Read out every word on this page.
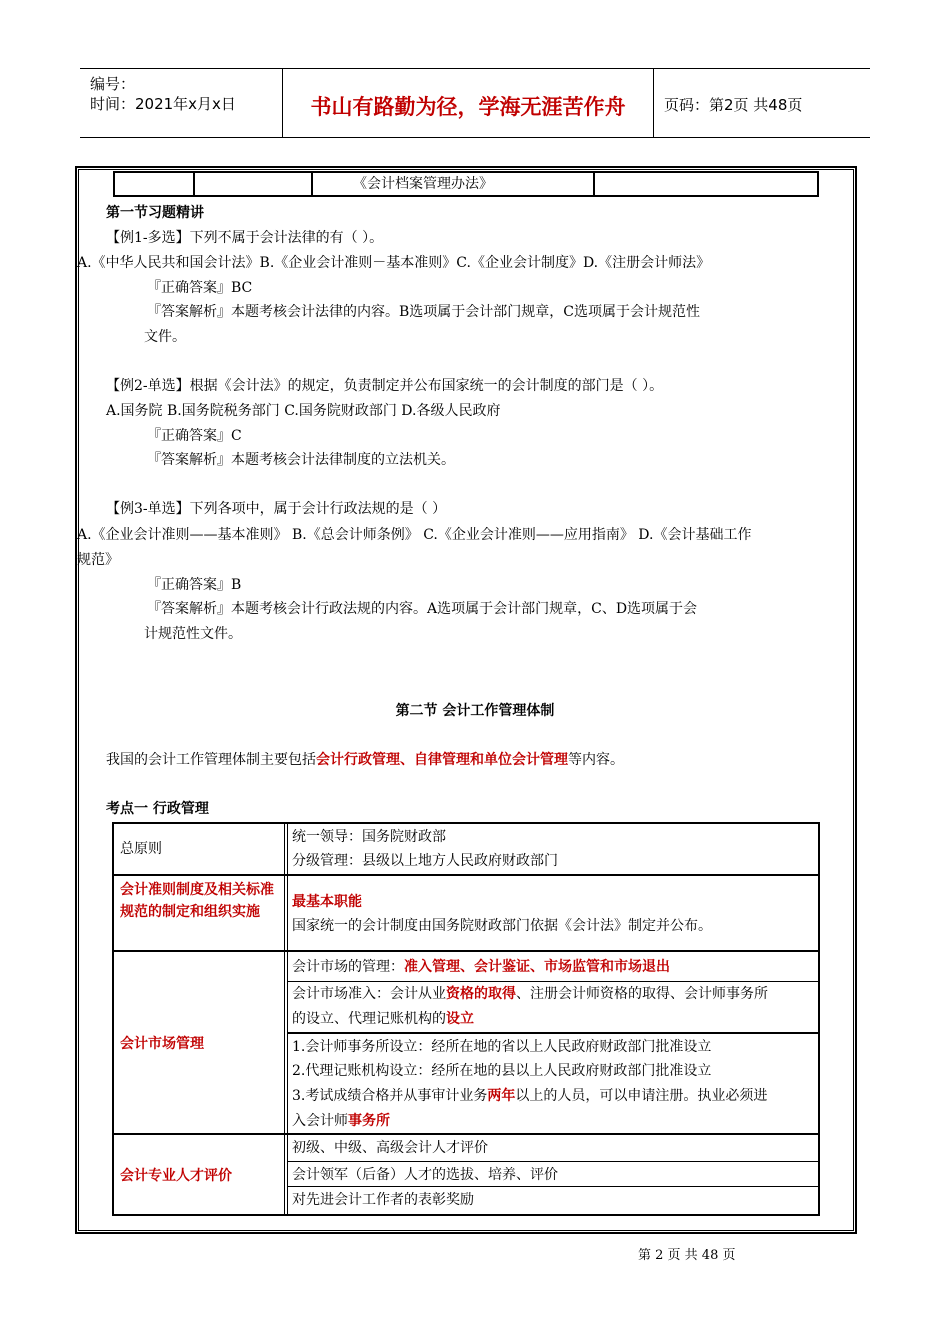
编号：
时间：2021年x月x日	书山有路勤为径，学海无涯苦作舟	页码：第2页 共48页
《会计档案管理办法》
第一节习题精讲
【例1-多选】下列不属于会计法律的有（ ）。
A.《中华人民共和国会计法》B.《企业会计准则－基本准则》C.《企业会计制度》D.《注册会计师法》
『正确答案』BC
『答案解析』本题考核会计法律的内容。B选项属于会计部门规章，C选项属于会计规范性
文件。
【例2-单选】根据《会计法》的规定，负责制定并公布国家统一的会计制度的部门是（ ）。
A.国务院 B.国务院税务部门 C.国务院财政部门 D.各级人民政府
『正确答案』C
『答案解析』本题考核会计法律制度的立法机关。
【例3-单选】下列各项中，属于会计行政法规的是（ ）
A.《企业会计准则——基本准则》 B.《总会计师条例》 C.《企业会计准则——应用指南》 D.《会计基础工作
规范》
『正确答案』B
『答案解析』本题考核会计行政法规的内容。A选项属于会计部门规章，C、D选项属于会
计规范性文件。
第二节 会计工作管理体制
我国的会计工作管理体制主要包括会计行政管理、自律管理和单位会计管理等内容。
考点一 行政管理
总原则
统一领导：国务院财政部
分级管理：县级以上地方人民政府财政部门
会计准则制度及相关标准规范的制定和组织实施
最基本职能
国家统一的会计制度由国务院财政部门依据《会计法》制定并公布。
会计市场管理
会计市场的管理：准入管理、会计鉴证、市场监管和市场退出
会计市场准入：会计从业资格的取得、注册会计师资格的取得、会计师事务所
的设立、代理记账机构的设立
1.会计师事务所设立：经所在地的省以上人民政府财政部门批准设立
2.代理记账机构设立：经所在地的县以上人民政府财政部门批准设立
3.考试成绩合格并从事审计业务两年以上的人员，可以申请注册。执业必须进
入会计师事务所
会计专业人才评价
初级、中级、高级会计人才评价
会计领军（后备）人才的选拔、培养、评价
对先进会计工作者的表彰奖励
第 2 页 共 48 页
